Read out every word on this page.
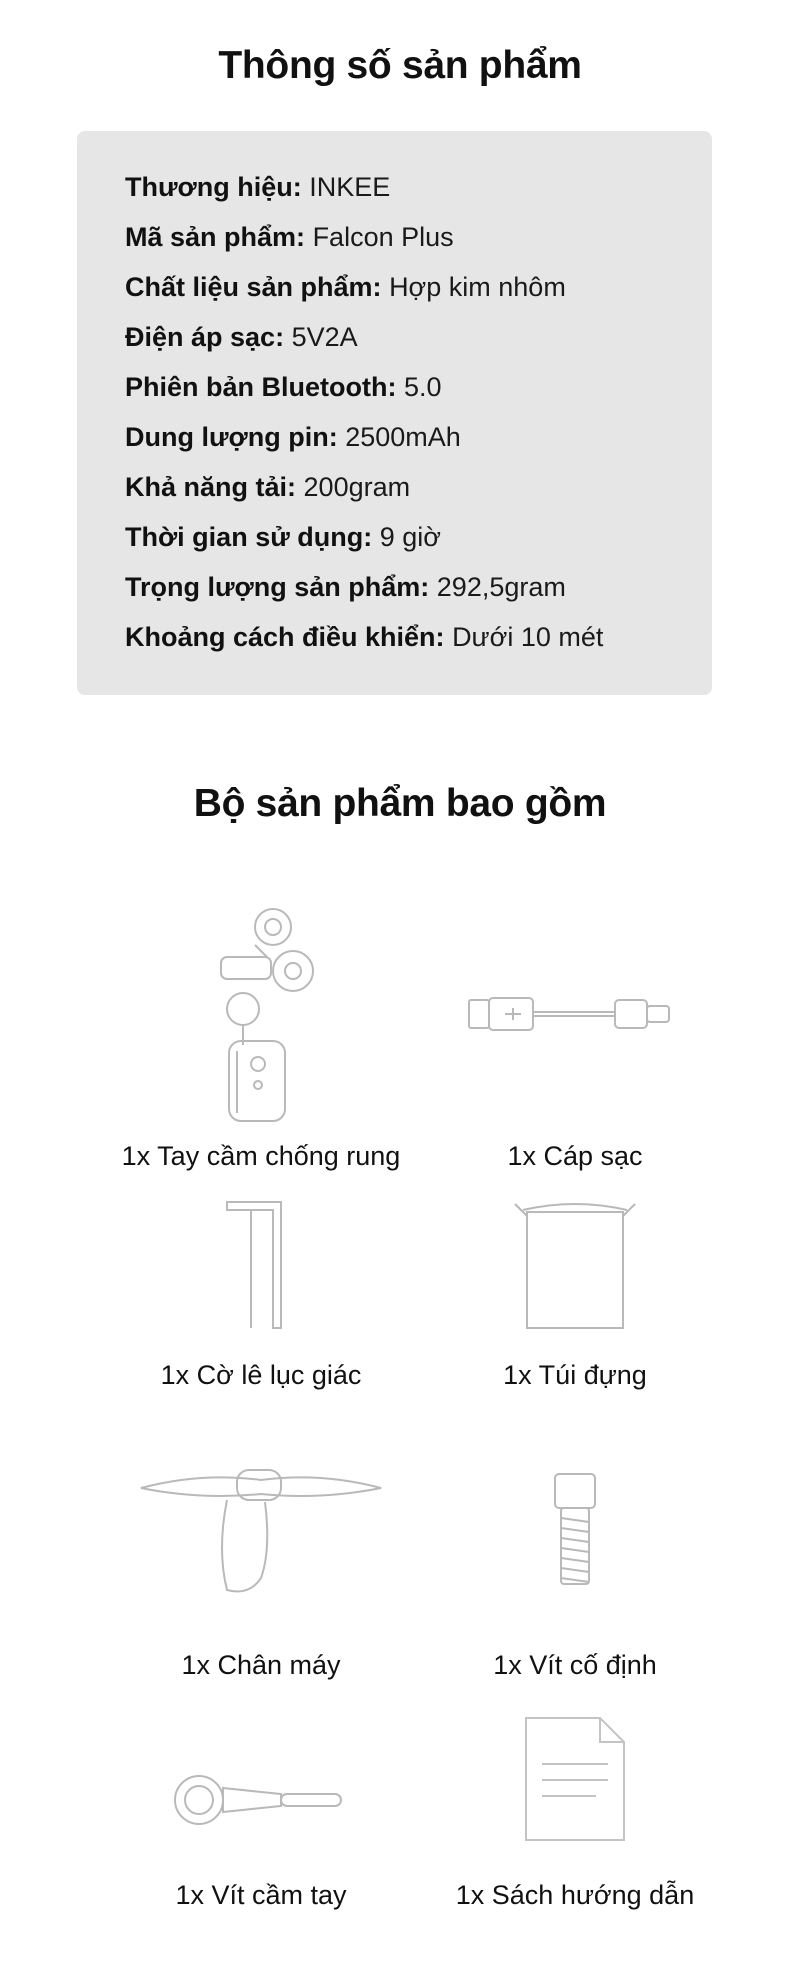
Thông số sản phẩm
Thương hiệu: INKEE
Mã sản phẩm: Falcon Plus
Chất liệu sản phẩm: Hợp kim nhôm
Điện áp sạc: 5V2A
Phiên bản Bluetooth: 5.0
Dung lượng pin: 2500mAh
Khả năng tải: 200gram
Thời gian sử dụng: 9 giờ
Trọng lượng sản phẩm: 292,5gram
Khoảng cách điều khiển: Dưới 10 mét
Bộ sản phẩm bao gồm
1x Tay cầm chống rung	1x Cáp sạc
1x Cờ lê lục giác	1x Túi đựng
1x Chân máy	1x Vít cố định
1x Vít cầm tay	1x Sách hướng dẫn
